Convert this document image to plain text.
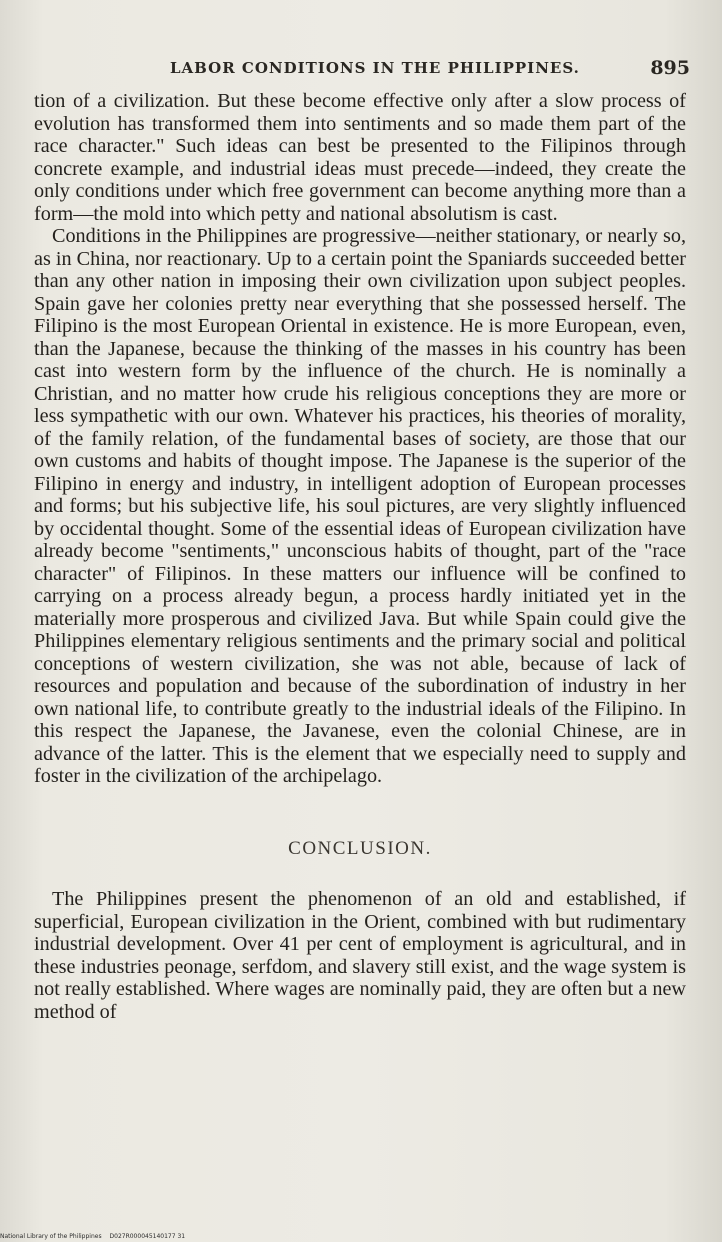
LABOR CONDITIONS IN THE PHILIPPINES.	895

tion of a civilization. But these become effective only after a slow process of evolution has transformed them into sentiments and so made them part of the race character." Such ideas can best be presented to the Filipinos through concrete example, and industrial ideas must precede—indeed, they create the only conditions under which free government can become anything more than a form—the mold into which petty and national absolutism is cast.

Conditions in the Philippines are progressive—neither stationary, or nearly so, as in China, nor reactionary. Up to a certain point the Spaniards succeeded better than any other nation in imposing their own civilization upon subject peoples. Spain gave her colonies pretty near everything that she possessed herself. The Filipino is the most European Oriental in existence. He is more European, even, than the Japanese, because the thinking of the masses in his country has been cast into western form by the influence of the church. He is nominally a Christian, and no matter how crude his religious conceptions they are more or less sympathetic with our own. Whatever his practices, his theories of morality, of the family relation, of the fundamental bases of society, are those that our own customs and habits of thought impose. The Japanese is the superior of the Filipino in energy and industry, in intelligent adoption of European processes and forms; but his subjective life, his soul pictures, are very slightly influenced by occidental thought. Some of the essential ideas of European civilization have already become "sentiments," unconscious habits of thought, part of the "race character" of Filipinos. In these matters our influence will be confined to carrying on a process already begun, a process hardly initiated yet in the materially more prosperous and civilized Java. But while Spain could give the Philippines elementary religious sentiments and the primary social and political conceptions of western civilization, she was not able, because of lack of resources and population and because of the subordination of industry in her own national life, to contribute greatly to the industrial ideals of the Filipino. In this respect the Japanese, the Javanese, even the colonial Chinese, are in advance of the latter. This is the element that we especially need to supply and foster in the civilization of the archipelago.

CONCLUSION.

The Philippines present the phenomenon of an old and established, if superficial, European civilization in the Orient, combined with but rudimentary industrial development. Over 41 per cent of employment is agricultural, and in these industries peonage, serfdom, and slavery still exist, and the wage system is not really established. Where wages are nominally paid, they are often but a new method of

National Library of the Philippines D027R000045140177 31
